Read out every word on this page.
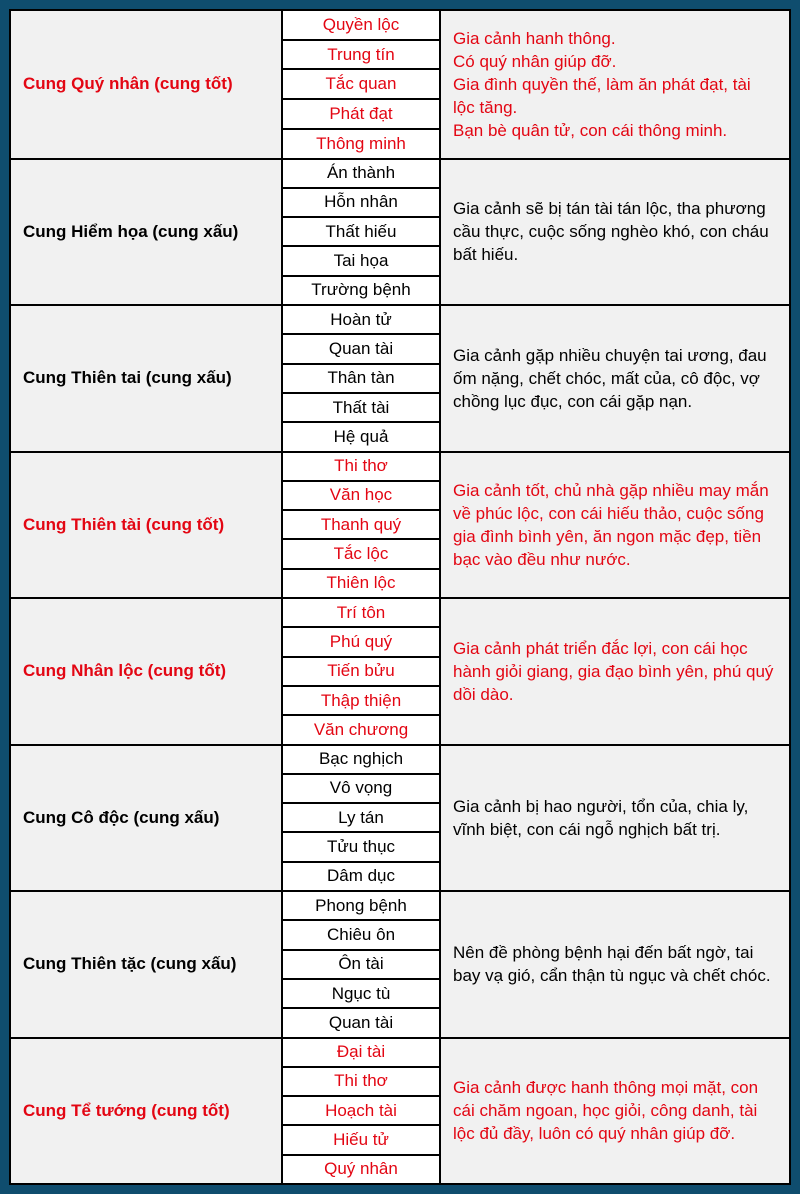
Cung Quý nhân (cung tốt)
Quyền lộc
Trung tín
Tắc quan
Phát đạt
Thông minh
Gia cảnh hanh thông.
Có quý nhân giúp đỡ.
Gia đình quyền thế, làm ăn phát đạt, tài lộc tăng.
Bạn bè quân tử, con cái thông minh.
Cung Hiểm họa (cung xấu)
Án thành
Hỗn nhân
Thất hiếu
Tai họa
Trường bệnh
Gia cảnh sẽ bị tán tài tán lộc, tha phương cầu thực, cuộc sống nghèo khó, con cháu bất hiếu.
Cung Thiên tai (cung xấu)
Hoàn tử
Quan tài
Thân tàn
Thất tài
Hệ quả
Gia cảnh gặp nhiều chuyện tai ương, đau ốm nặng, chết chóc, mất của, cô độc, vợ chồng lục đục, con cái gặp nạn.
Cung Thiên tài (cung tốt)
Thi thơ
Văn học
Thanh quý
Tắc lộc
Thiên lộc
Gia cảnh tốt, chủ nhà gặp nhiều may mắn về phúc lộc, con cái hiếu thảo, cuộc sống gia đình bình yên, ăn ngon mặc đẹp, tiền bạc vào đều như nước.
Cung Nhân lộc (cung tốt)
Trí tôn
Phú quý
Tiến bửu
Thập thiện
Văn chương
Gia cảnh phát triển đắc lợi, con cái học hành giỏi giang, gia đạo bình yên, phú quý dồi dào.
Cung Cô độc (cung xấu)
Bạc nghịch
Vô vọng
Ly tán
Tửu thục
Dâm dục
Gia cảnh bị hao người, tổn của, chia ly, vĩnh biệt, con cái ngỗ nghịch bất trị.
Cung Thiên tặc (cung xấu)
Phong bệnh
Chiêu ôn
Ôn tài
Ngục tù
Quan tài
Nên đề phòng bệnh hại đến bất ngờ, tai bay vạ gió, cẩn thận tù ngục và chết chóc.
Cung Tể tướng (cung tốt)
Đại tài
Thi thơ
Hoạch tài
Hiếu tử
Quý nhân
Gia cảnh được hanh thông mọi mặt, con cái chăm ngoan, học giỏi, công danh, tài lộc đủ đầy, luôn có quý nhân giúp đỡ.
